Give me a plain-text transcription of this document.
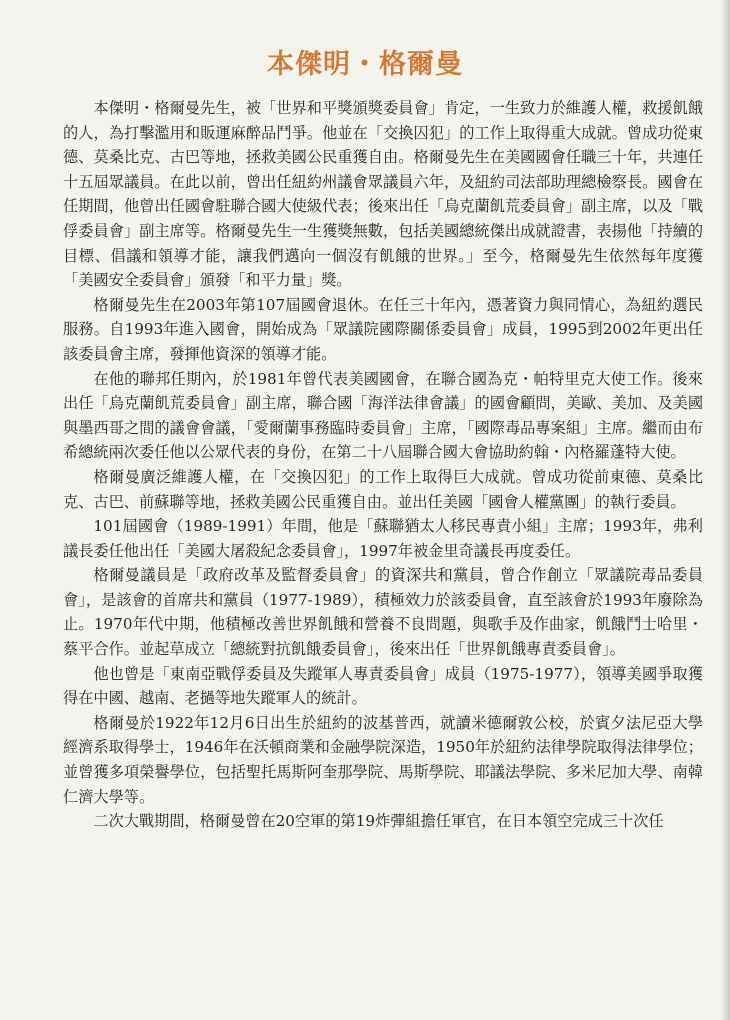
本傑明・格爾曼

本傑明・格爾曼先生，被「世界和平獎頒獎委員會」肯定，一生致力於維護人權，救援飢餓的人，為打擊濫用和販運麻醉品鬥爭。他並在「交換囚犯」的工作上取得重大成就。曾成功從東德、莫桑比克、古巴等地，拯救美國公民重獲自由。格爾曼先生在美國國會任職三十年，共連任十五屆眾議員。在此以前，曾出任紐約州議會眾議員六年，及紐約司法部助理總檢察長。國會在任期間，他曾出任國會駐聯合國大使級代表；後來出任「烏克蘭飢荒委員會」副主席，以及「戰俘委員會」副主席等。格爾曼先生一生獲獎無數，包括美國總統傑出成就證書，表揚他「持續的目標、倡議和領導才能，讓我們邁向一個沒有飢餓的世界。」至今，格爾曼先生依然每年度獲「美國安全委員會」頒發「和平力量」獎。

格爾曼先生在2003年第107屆國會退休。在任三十年內，憑著資力與同情心，為紐約選民服務。自1993年進入國會，開始成為「眾議院國際關係委員會」成員，1995到2002年更出任該委員會主席，發揮他資深的領導才能。

在他的聯邦任期內，於1981年曾代表美國國會，在聯合國為克・帕特里克大使工作。後來出任「烏克蘭飢荒委員會」副主席，聯合國「海洋法律會議」的國會顧問，美歐、美加、及美國與墨西哥之間的議會會議，「愛爾蘭事務臨時委員會」主席，「國際毒品專案組」主席。繼而由布希總統兩次委任他以公眾代表的身份，在第二十八屆聯合國大會協助約翰・內格羅蓬特大使。

格爾曼廣泛維護人權，在「交換囚犯」的工作上取得巨大成就。曾成功從前東德、莫桑比克、古巴、前蘇聯等地，拯救美國公民重獲自由。並出任美國「國會人權黨團」的執行委員。

101屆國會（1989-1991）年間，他是「蘇聯猶太人移民專責小組」主席；1993年，弗利議長委任他出任「美國大屠殺紀念委員會」，1997年被金里奇議長再度委任。

格爾曼議員是「政府改革及監督委員會」的資深共和黨員，曾合作創立「眾議院毒品委員會」，是該會的首席共和黨員（1977-1989），積極效力於該委員會，直至該會於1993年廢除為止。1970年代中期，他積極改善世界飢餓和營養不良問題，與歌手及作曲家，飢餓鬥士哈里・蔡平合作。並起草成立「總統對抗飢餓委員會」，後來出任「世界飢餓專責委員會」。

他也曾是「東南亞戰俘委員及失蹤軍人專責委員會」成員（1975-1977），領導美國爭取獲得在中國、越南、老撾等地失蹤軍人的統計。

格爾曼於1922年12月6日出生於紐約的波基普西，就讀米德爾敦公校，於賓夕法尼亞大學經濟系取得學士，1946年在沃頓商業和金融學院深造，1950年於紐約法律學院取得法律學位；並曾獲多項榮譽學位，包括聖托馬斯阿奎那學院、馬斯學院、耶議法學院、多米尼加大學、南韓仁濟大學等。

二次大戰期間，格爾曼曾在20空軍的第19炸彈組擔任軍官，在日本領空完成三十次任
